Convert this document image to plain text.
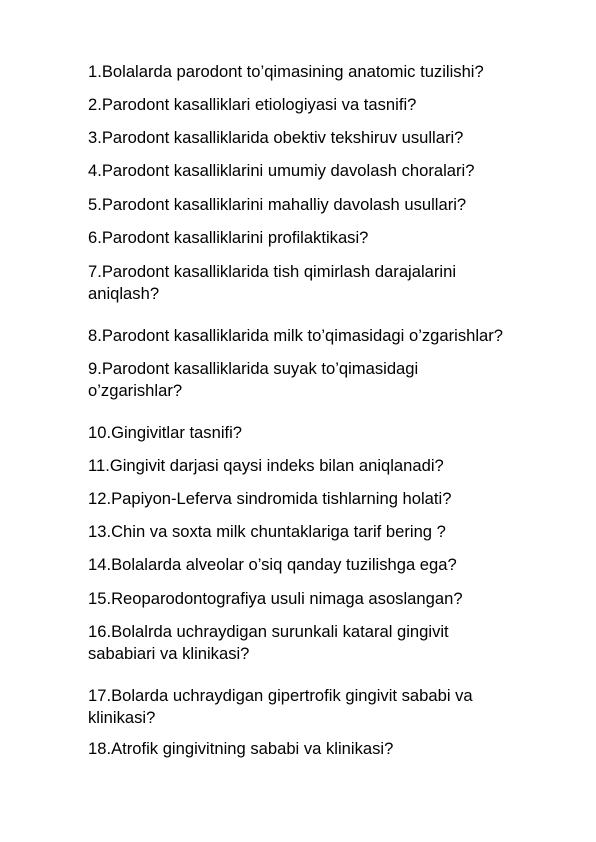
1.Bolalarda parodont to’qimasining anatomic tuzilishi?

2.Parodont kasalliklari etiologiyasi va tasnifi?

3.Parodont kasalliklarida obektiv tekshiruv usullari?

4.Parodont kasalliklarini umumiy davolash choralari?

5.Parodont kasalliklarini mahalliy davolash usullari?

6.Parodont kasalliklarini profilaktikasi?

7.Parodont kasalliklarida tish qimirlash darajalarini aniqlash?

8.Parodont kasalliklarida milk to’qimasidagi o’zgarishlar?

9.Parodont kasalliklarida suyak to’qimasidagi o’zgarishlar?

10.Gingivitlar tasnifi?

11.Gingivit darjasi qaysi indeks bilan aniqlanadi?

12.Papiyon-Leferva sindromida tishlarning holati?

13.Chin va soxta milk chuntaklariga tarif bering ?

14.Bolalarda alveolar o’siq qanday tuzilishga ega?

15.Reoparodontografiya usuli nimaga asoslangan?

16.Bolalrda uchraydigan surunkali kataral gingivit sababiari va klinikasi?

17.Bolarda uchraydigan gipertrofik gingivit sababi va klinikasi?

18.Atrofik gingivitning sababi va klinikasi?
